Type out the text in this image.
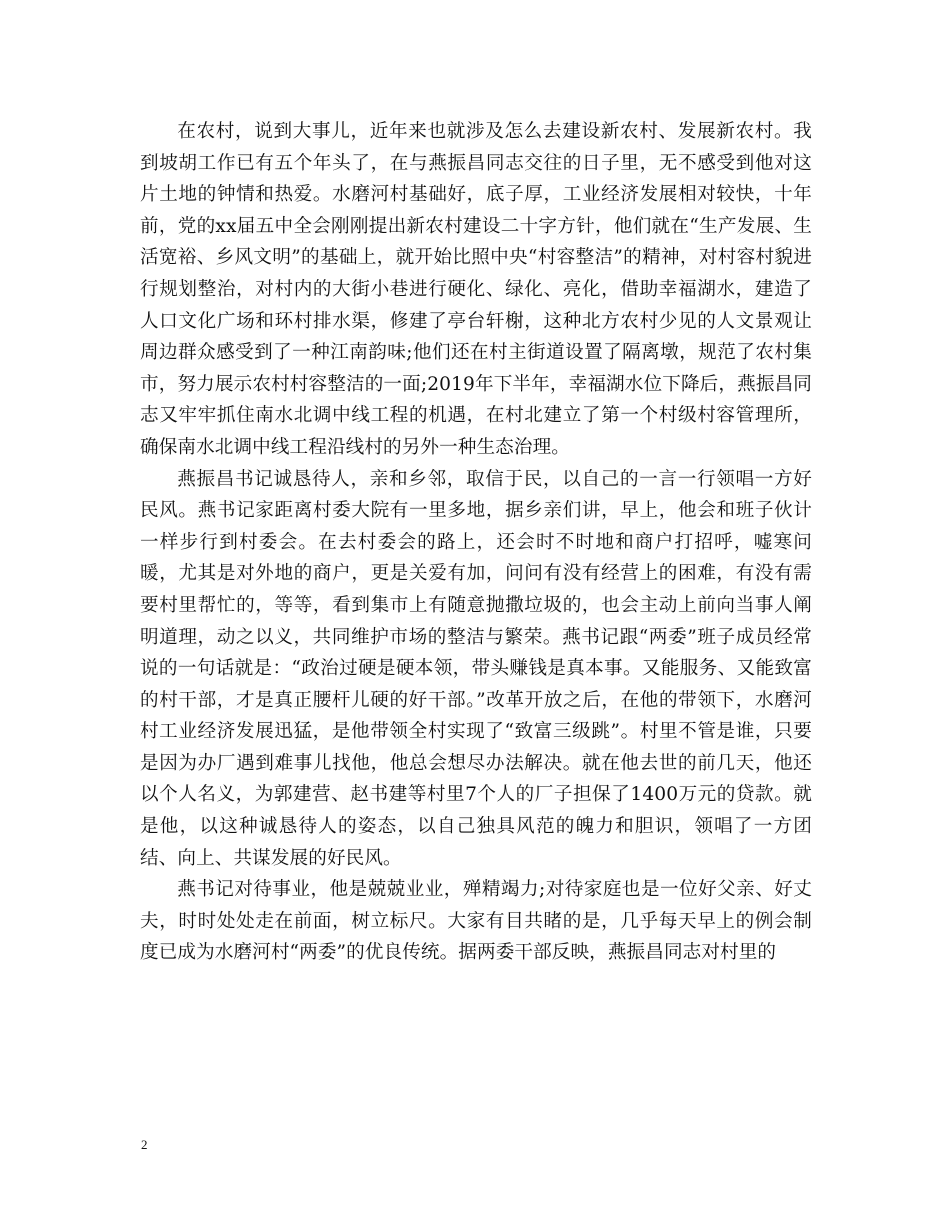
在农村，说到大事儿，近年来也就涉及怎么去建设新农村、发展新农村。我到坡胡工作已有五个年头了，在与燕振昌同志交往的日子里，无不感受到他对这片土地的钟情和热爱。水磨河村基础好，底子厚，工业经济发展相对较快，十年前，党的xx届五中全会刚刚提出新农村建设二十字方针，他们就在“生产发展、生活宽裕、乡风文明”的基础上，就开始比照中央“村容整洁”的精神，对村容村貌进行规划整治，对村内的大街小巷进行硬化、绿化、亮化，借助幸福湖水，建造了人口文化广场和环村排水渠，修建了亭台轩榭，这种北方农村少见的人文景观让周边群众感受到了一种江南韵味;他们还在村主街道设置了隔离墩，规范了农村集市，努力展示农村村容整洁的一面;2019年下半年，幸福湖水位下降后，燕振昌同志又牢牢抓住南水北调中线工程的机遇，在村北建立了第一个村级村容管理所，确保南水北调中线工程沿线村的另外一种生态治理。

燕振昌书记诚恳待人，亲和乡邻，取信于民，以自己的一言一行领唱一方好民风。燕书记家距离村委大院有一里多地，据乡亲们讲，早上，他会和班子伙计一样步行到村委会。在去村委会的路上，还会时不时地和商户打招呼，嘘寒问暖，尤其是对外地的商户，更是关爱有加，问问有没有经营上的困难，有没有需要村里帮忙的，等等，看到集市上有随意抛撒垃圾的，也会主动上前向当事人阐明道理，动之以义，共同维护市场的整洁与繁荣。燕书记跟“两委”班子成员经常说的一句话就是：“政治过硬是硬本领，带头赚钱是真本事。又能服务、又能致富的村干部，才是真正腰杆儿硬的好干部。”改革开放之后，在他的带领下，水磨河村工业经济发展迅猛，是他带领全村实现了“致富三级跳”。村里不管是谁，只要是因为办厂遇到难事儿找他，他总会想尽办法解决。就在他去世的前几天，他还以个人名义，为郭建营、赵书建等村里7个人的厂子担保了1400万元的贷款。就是他，以这种诚恳待人的姿态，以自己独具风范的魄力和胆识，领唱了一方团结、向上、共谋发展的好民风。

燕书记对待事业，他是兢兢业业，殚精竭力;对待家庭也是一位好父亲、好丈夫，时时处处走在前面，树立标尺。大家有目共睹的是，几乎每天早上的例会制度已成为水磨河村“两委”的优良传统。据两委干部反映，燕振昌同志对村里的

2
